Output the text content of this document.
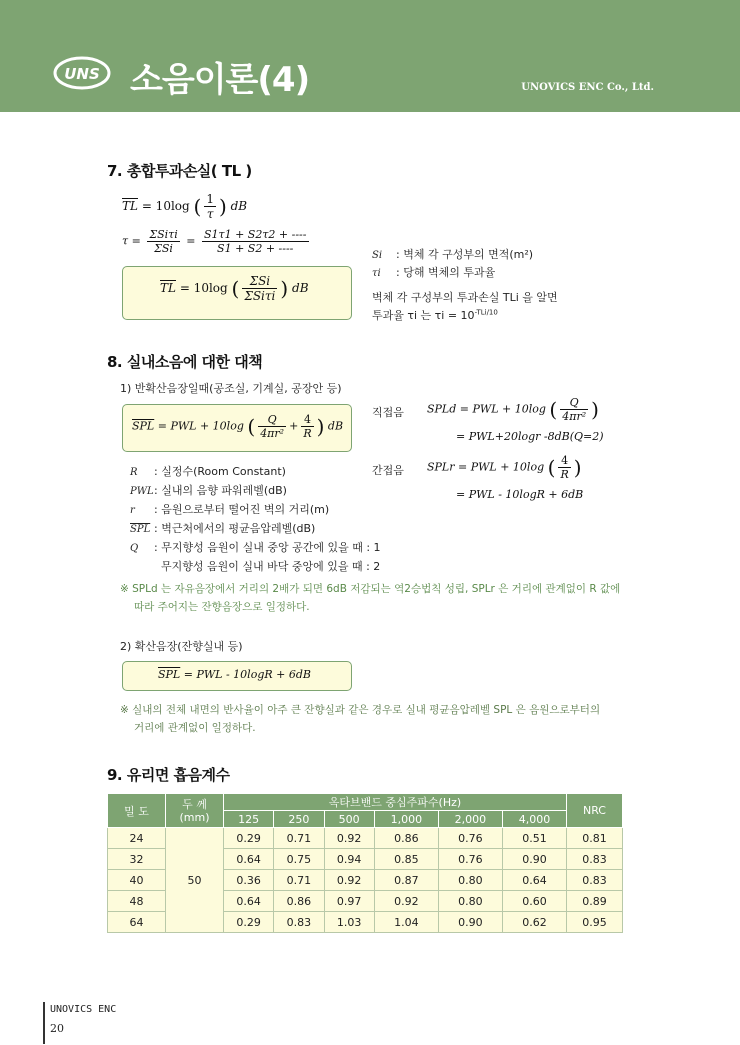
UNS 소음이론(4)	UNOVICS ENC Co., Ltd.
7. 총합투과손실( TL )
$\overline{TL} = 10\log$ ( $\frac{1}{\tau}$ ) dB
$\tau = \frac{\text{ΣSiτi}}{\text{ΣSi}} = \frac{S1\tau 1 + S2\tau 2 + ----}{S1 + S2 + ----}$
$\overline{TL} = 10\log$ ( $\frac{\text{ΣSi}}{\text{ΣSiτi}}$ ) dB
Si : 벽체 각 구성부의 면적(m²)
τi : 당해 벽체의 투과율
벽체 각 구성부의 투과손실 TLi 을 알면
투과율 τi 는 $\tau i = 10^{-TLi/10}$
8. 실내소음에 대한 대책
1) 반확산음장일때(공조실, 기계실, 공장안 등)
$\overline{SPL}$ = PWL + 10log ( $\frac{Q}{\text{4πr²}} + \frac{4}{R}$ ) dB
직접음 SPLd = PWL + 10log ( $\frac{Q}{\text{4πr²}}$ )
= PWL+20logr -8dB(Q=2)
간접음 SPLr = PWL + 10log ( $\frac{4}{R}$ )
= PWL - 10logR + 6dB
R : 실정수(Room Constant)
PWL: 실내의 음향 파워레벨(dB)
r : 음원으로부터 떨어진 벽의 거리(m)
$\overline{SPL}$ : 벽근처에서의 평균음압레벨(dB)
Q : 무지향성 음원이 실내 중앙 공간에 있을 때 : 1
무지향성 음원이 실내 바닥 중앙에 있을 때 : 2
※ SPLd 는 자유음장에서 거리의 2배가 되면 6dB 저감되는 역2승법칙 성립, SPLr 은 거리에 관계없이 R 값에
따라 주어지는 잔향음장으로 일정하다.
2) 확산음장(잔향실내 등)
$\overline{SPL}$ = PWL - 10logR + 6dB
※ 실내의 전체 내면의 반사율이 아주 큰 잔향실과 같은 경우로 실내 평균음압레벨 SPL 은 음원으로부터의
거리에 관계없이 일정하다.
9. 유리면 흡음계수
밀 도	두 께
(mm)	옥타브밴드 중심주파수(Hz)						NRC
		125	250	500	1,000	2,000	4,000	
24	50	0.29	0.71	0.92	0.86	0.76	0.51	0.81
32		0.64	0.75	0.94	0.85	0.76	0.90	0.83
40		0.36	0.71	0.92	0.87	0.80	0.64	0.83
48		0.64	0.86	0.97	0.92	0.80	0.60	0.89
64		0.29	0.83	1.03	1.04	0.90	0.62	0.95
UNOVICS ENC
20
